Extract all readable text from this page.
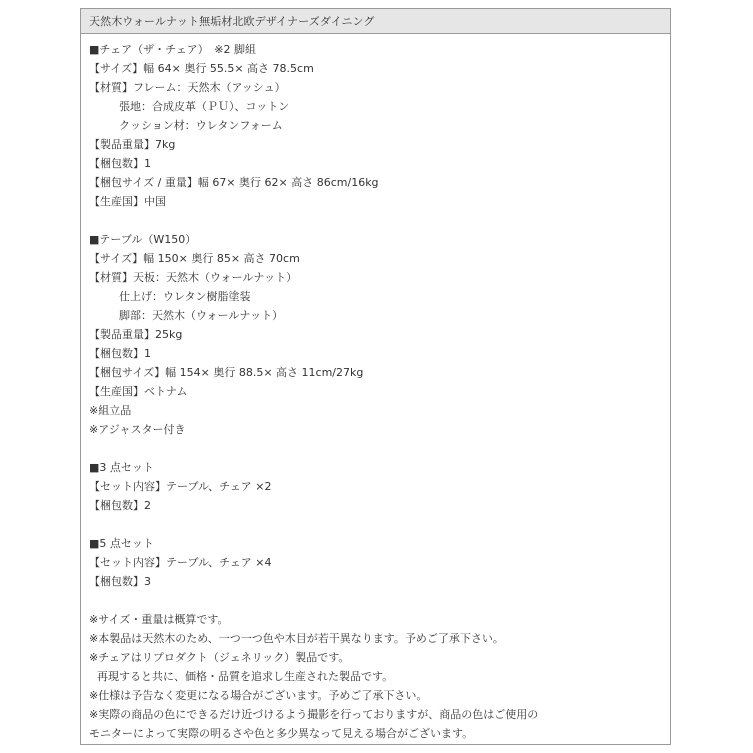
天然木ウォールナット無垢材北欧デザイナーズダイニング
■チェア（ザ・チェア）　※2 脚組
【サイズ】幅 64× 奥行 55.5× 高さ 78.5cm
【材質】フレーム：天然木（アッシュ）
張地：合成皮革（ＰＵ）、コットン
クッション材：ウレタンフォーム
【製品重量】7kg
【梱包数】1
【梱包サイズ / 重量】幅 67× 奥行 62× 高さ 86cm/16kg
【生産国】中国
■テーブル（W150）
【サイズ】幅 150× 奥行 85× 高さ 70cm
【材質】天板：天然木（ウォールナット）
仕上げ：ウレタン樹脂塗装
脚部：天然木（ウォールナット）
【製品重量】25kg
【梱包数】1
【梱包サイズ】幅 154× 奥行 88.5× 高さ 11cm/27kg
【生産国】ベトナム
※組立品
※アジャスター付き
■3 点セット
【セット内容】テーブル、チェア ×2
【梱包数】2
■5 点セット
【セット内容】テーブル、チェア ×4
【梱包数】3
※サイズ・重量は概算です。
※本製品は天然木のため、一つ一つ色や木目が若干異なります。予めご了承下さい。
※チェアはリプロダクト（ジェネリック）製品です。
再現すると共に、価格・品質を追求し生産された製品です。
※仕様は予告なく変更になる場合がございます。予めご了承下さい。
※実際の商品の色にできるだけ近づけるよう撮影を行っておりますが、商品の色はご使用の
モニターによって実際の明るさや色と多少異なって見える場合がございます。
